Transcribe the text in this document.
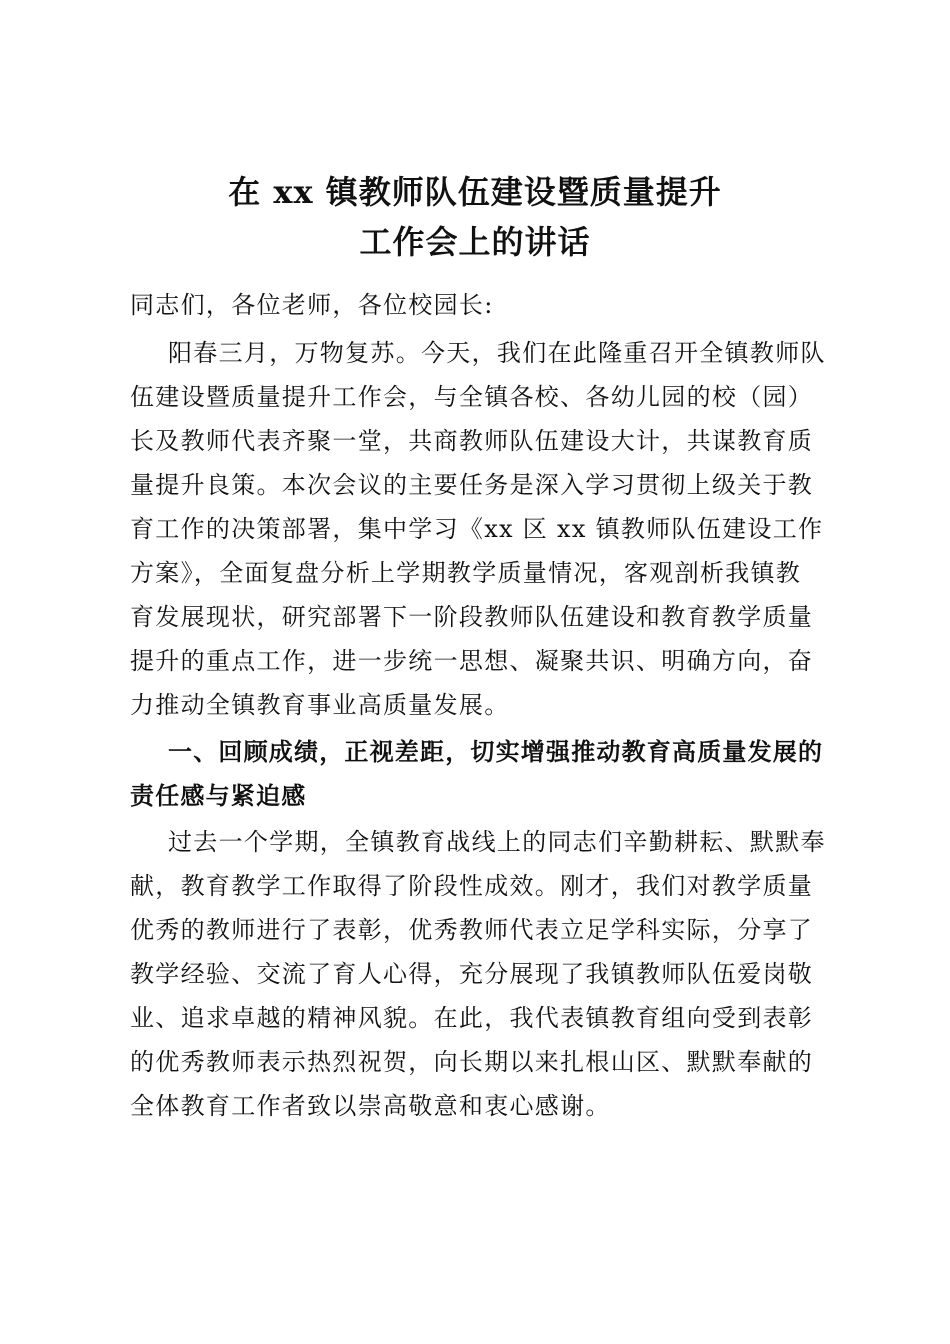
在 xx 镇教师队伍建设暨质量提升
工作会上的讲话
同志们，各位老师，各位校园长:
阳春三月，万物复苏。今天，我们在此隆重召开全镇教师队
伍建设暨质量提升工作会，与全镇各校、各幼儿园的校（园）
长及教师代表齐聚一堂，共商教师队伍建设大计，共谋教育质
量提升良策。本次会议的主要任务是深入学习贯彻上级关于教
育工作的决策部署，集中学习《xx 区 xx 镇教师队伍建设工作
方案》，全面复盘分析上学期教学质量情况，客观剖析我镇教
育发展现状，研究部署下一阶段教师队伍建设和教育教学质量
提升的重点工作，进一步统一思想、凝聚共识、明确方向，奋
力推动全镇教育事业高质量发展。
一、回顾成绩，正视差距，切实增强推动教育高质量发展的
责任感与紧迫感
过去一个学期，全镇教育战线上的同志们辛勤耕耘、默默奉
献，教育教学工作取得了阶段性成效。刚才，我们对教学质量
优秀的教师进行了表彰，优秀教师代表立足学科实际，分享了
教学经验、交流了育人心得，充分展现了我镇教师队伍爱岗敬
业、追求卓越的精神风貌。在此，我代表镇教育组向受到表彰
的优秀教师表示热烈祝贺，向长期以来扎根山区、默默奉献的
全体教育工作者致以崇高敬意和衷心感谢。
